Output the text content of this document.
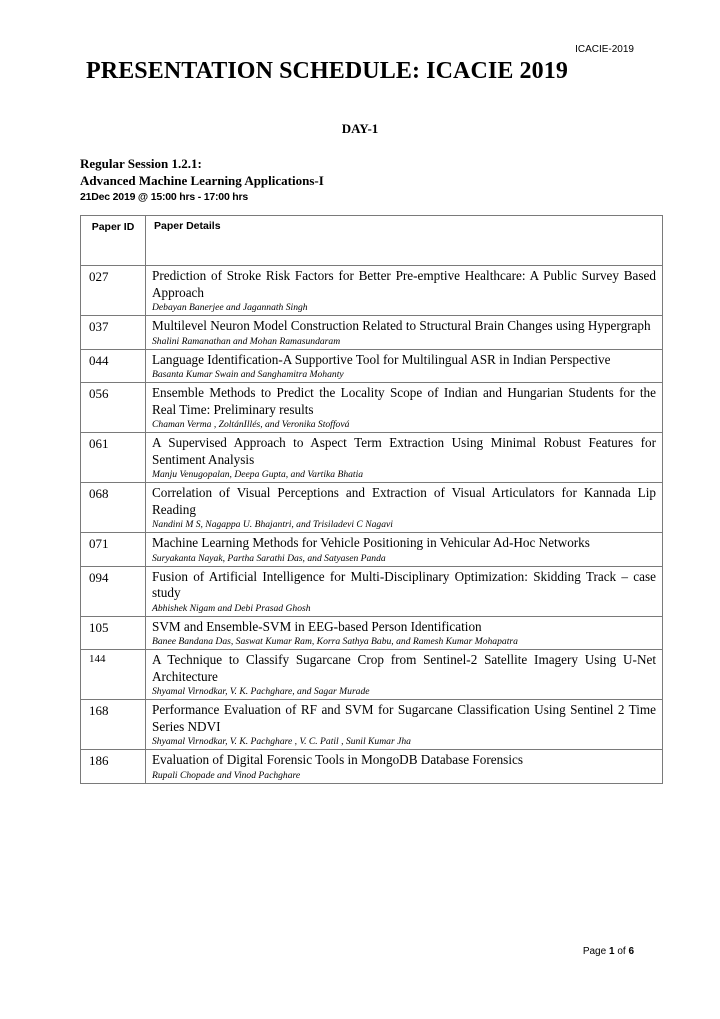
ICACIE-2019
PRESENTATION SCHEDULE: ICACIE 2019
DAY-1
Regular Session 1.2.1:
Advanced Machine Learning Applications-I
21Dec 2019 @ 15:00 hrs - 17:00 hrs
Paper ID	Paper Details
027	Prediction of Stroke Risk Factors for Better Pre-emptive Healthcare: A Public Survey Based Approach
Debayan Banerjee and Jagannath Singh

037	Multilevel Neuron Model Construction Related to Structural Brain Changes using Hypergraph
Shalini Ramanathan and Mohan Ramasundaram

044	Language Identification-A Supportive Tool for Multilingual ASR in Indian Perspective
Basanta Kumar Swain and Sanghamitra Mohanty

056	Ensemble Methods to Predict the Locality Scope of Indian and Hungarian Students for the Real Time: Preliminary results
Chaman Verma , ZoltánIllés, and Veronika Stoffová

061	A Supervised Approach to Aspect Term Extraction Using Minimal Robust Features for Sentiment Analysis
Manju Venugopalan, Deepa Gupta, and Vartika Bhatia

068	Correlation of Visual Perceptions and Extraction of Visual Articulators for Kannada Lip Reading
Nandini M S, Nagappa U. Bhajantri, and Trisiladevi C Nagavi

071	Machine Learning Methods for Vehicle Positioning in Vehicular Ad-Hoc Networks
Suryakanta Nayak, Partha Sarathi Das, and Satyasen Panda

094	Fusion of Artificial Intelligence for Multi-Disciplinary Optimization: Skidding Track – case study
Abhishek Nigam and Debi Prasad Ghosh

105	SVM and Ensemble-SVM in EEG-based Person Identification
Banee Bandana Das, Saswat Kumar Ram, Korra Sathya Babu, and Ramesh Kumar Mohapatra

144	A Technique to Classify Sugarcane Crop from Sentinel-2 Satellite Imagery Using U-Net Architecture
Shyamal Virnodkar, V. K. Pachghare, and Sagar Murade

168	Performance Evaluation of RF and SVM for Sugarcane Classification Using Sentinel 2 Time Series NDVI
Shyamal Virnodkar, V. K. Pachghare , V. C. Patil , Sunil Kumar Jha

186	Evaluation of Digital Forensic Tools in MongoDB Database Forensics
Rupali Chopade and Vinod Pachghare
Page 1 of 6
